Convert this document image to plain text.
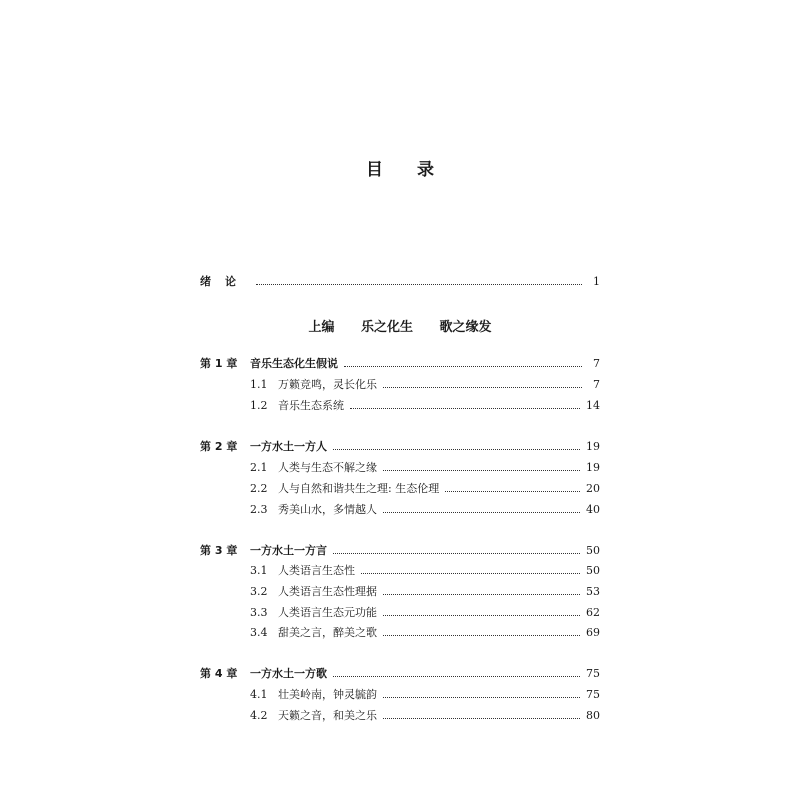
目 录
绪论	1
第 1 章 音乐生态化生假说	7
1.1 万籁竞鸣，灵长化乐	7
1.2 音乐生态系统	14
第 2 章 一方水土一方人	19
2.1 人类与生态不解之缘	19
2.2 人与自然和谐共生之理: 生态伦理	20
2.3 秀美山水，多情越人	40
第 3 章 一方水土一方言	50
3.1 人类语言生态性	50
3.2 人类语言生态性理据	53
3.3 人类语言生态元功能	62
3.4 甜美之言，醉美之歌	69
第 4 章 一方水土一方歌	75
4.1 壮美岭南，钟灵毓韵	75
4.2 天籁之音，和美之乐	80
上编 乐之化生 歌之缘发
